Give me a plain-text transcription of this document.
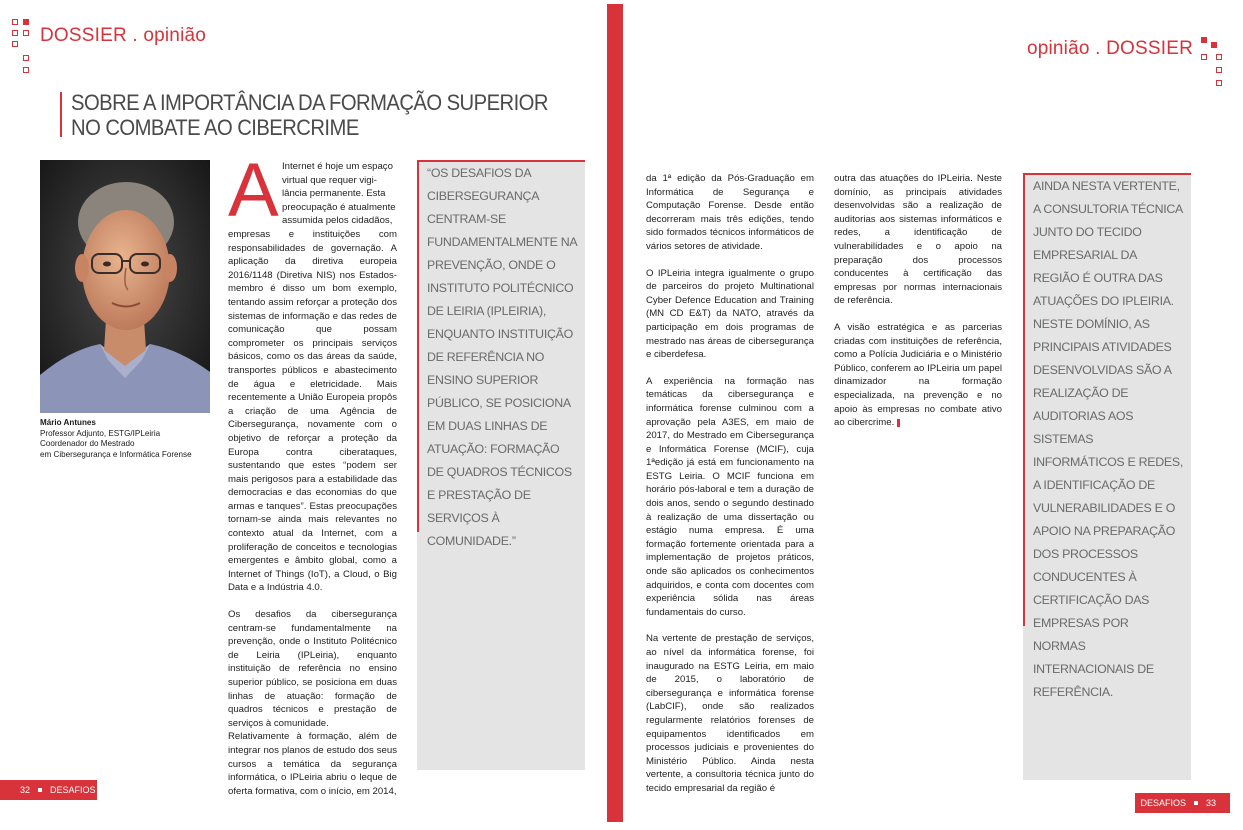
DOSSIER . opinião
SOBRE A IMPORTÂNCIA DA FORMAÇÃO SUPERIOR
NO COMBATE AO CIBERCRIME
Mário Antunes
Professor Adjunto, ESTG/IPLeiria
Coordenador do Mestrado
em Cibersegurança e Informática Forense
A Internet é hoje um espaço
virtual que requer vigi-
lância permanente. Esta
preocupação é atualmente
assumida pelos cidadãos,

empresas e instituições com responsabilidades de governação. A aplicação da diretiva europeia 2016/1148 (Diretiva NIS) nos Estados-membro é disso um bom exemplo, tentando assim reforçar a proteção dos sistemas de informação e das redes de comunicação que possam comprometer os principais serviços básicos, como os das áreas da saúde, transportes públicos e abastecimento de água e eletricidade. Mais recentemente a União Europeia propôs a criação de uma Agência de Cibersegurança, novamente com o objetivo de reforçar a proteção da Europa contra ciberataques, sustentando que estes “podem ser mais perigosos para a estabilidade das democracias e das economias do que armas e tanques”. Estas preocupações tornam-se ainda mais relevantes no contexto atual da Internet, com a proliferação de conceitos e tecnologias emergentes e âmbito global, como a Internet of Things (IoT), a Cloud, o Big Data e a Indústria 4.0.

Os desafios da cibersegurança centram-se fundamentalmente na prevenção, onde o Instituto Politécnico de Leiria (IPLeiria), enquanto instituição de referência no ensino superior público, se posiciona em duas linhas de atuação: formação de quadros técnicos e prestação de serviços à comunidade.

Relativamente à formação, além de integrar nos planos de estudo dos seus cursos a temática da segurança informática, o IPLeiria abriu o leque de oferta formativa, com o início, em 2014,

“OS DESAFIOS DA CIBERSEGURANÇA CENTRAM-SE FUNDAMENTALMENTE NA PREVENÇÃO, ONDE O INSTITUTO POLITÉCNICO DE LEIRIA (IPLEIRIA), ENQUANTO INSTITUIÇÃO DE REFERÊNCIA NO ENSINO SUPERIOR PÚBLICO, SE POSICIONA EM DUAS LINHAS DE ATUAÇÃO: FORMAÇÃO DE QUADROS TÉCNICOS E PRESTAÇÃO DE SERVIÇOS À COMUNIDADE.”
32 DESAFIOS
opinião . DOSSIER

da 1ª edição da Pós-Graduação em Informática de Segurança e Computação Forense. Desde então decorreram mais três edições, tendo sido formados técnicos informáticos de vários setores de atividade.

O IPLeiria integra igualmente o grupo de parceiros do projeto Multinational Cyber Defence Education and Training (MN CD E&T) da NATO, através da participação em dois programas de mestrado nas áreas de cibersegurança e ciberdefesa.

A experiência na formação nas temáticas da cibersegurança e informática forense culminou com a aprovação pela A3ES, em maio de 2017, do Mestrado em Cibersegurança e Informática Forense (MCIF), cuja 1ªedição já está em funcionamento na ESTG Leiria. O MCIF funciona em horário pós-laboral e tem a duração de dois anos, sendo o segundo destinado à realização de uma dissertação ou estágio numa empresa. É uma formação fortemente orientada para a implementação de projetos práticos, onde são aplicados os conhecimentos adquiridos, e conta com docentes com experiência sólida nas áreas fundamentais do curso.

Na vertente de prestação de serviços, ao nível da informática forense, foi inaugurado na ESTG Leiria, em maio de 2015, o laboratório de cibersegurança e informática forense (LabCIF), onde são realizados regularmente relatórios forenses de equipamentos identificados em processos judiciais e provenientes do Ministério Público. Ainda nesta vertente, a consultoria técnica junto do tecido empresarial da região é

outra das atuações do IPLeiria. Neste domínio, as principais atividades desenvolvidas são a realização de auditorias aos sistemas informáticos e redes, a identificação de vulnerabilidades e o apoio na preparação dos processos conducentes à certificação das empresas por normas internacionais de referência.

A visão estratégica e as parcerias criadas com instituições de referência, como a Polícia Judiciária e o Ministério Público, conferem ao IPLeiria um papel dinamizador na formação especializada, na prevenção e no apoio às empresas no combate ativo ao cibercrime.

AINDA NESTA VERTENTE, A CONSULTORIA TÉCNICA JUNTO DO TECIDO EMPRESARIAL DA REGIÃO É OUTRA DAS ATUAÇÕES DO IPLEIRIA. NESTE DOMÍNIO, AS PRINCIPAIS ATIVIDADES DESENVOLVIDAS SÃO A REALIZAÇÃO DE AUDITORIAS AOS SISTEMAS INFORMÁTICOS E REDES, A IDENTIFICAÇÃO DE VULNERABILIDADES E O APOIO NA PREPARAÇÃO DOS PROCESSOS CONDUCENTES À CERTIFICAÇÃO DAS EMPRESAS POR NORMAS INTERNACIONAIS DE REFERÊNCIA.
DESAFIOS 33
